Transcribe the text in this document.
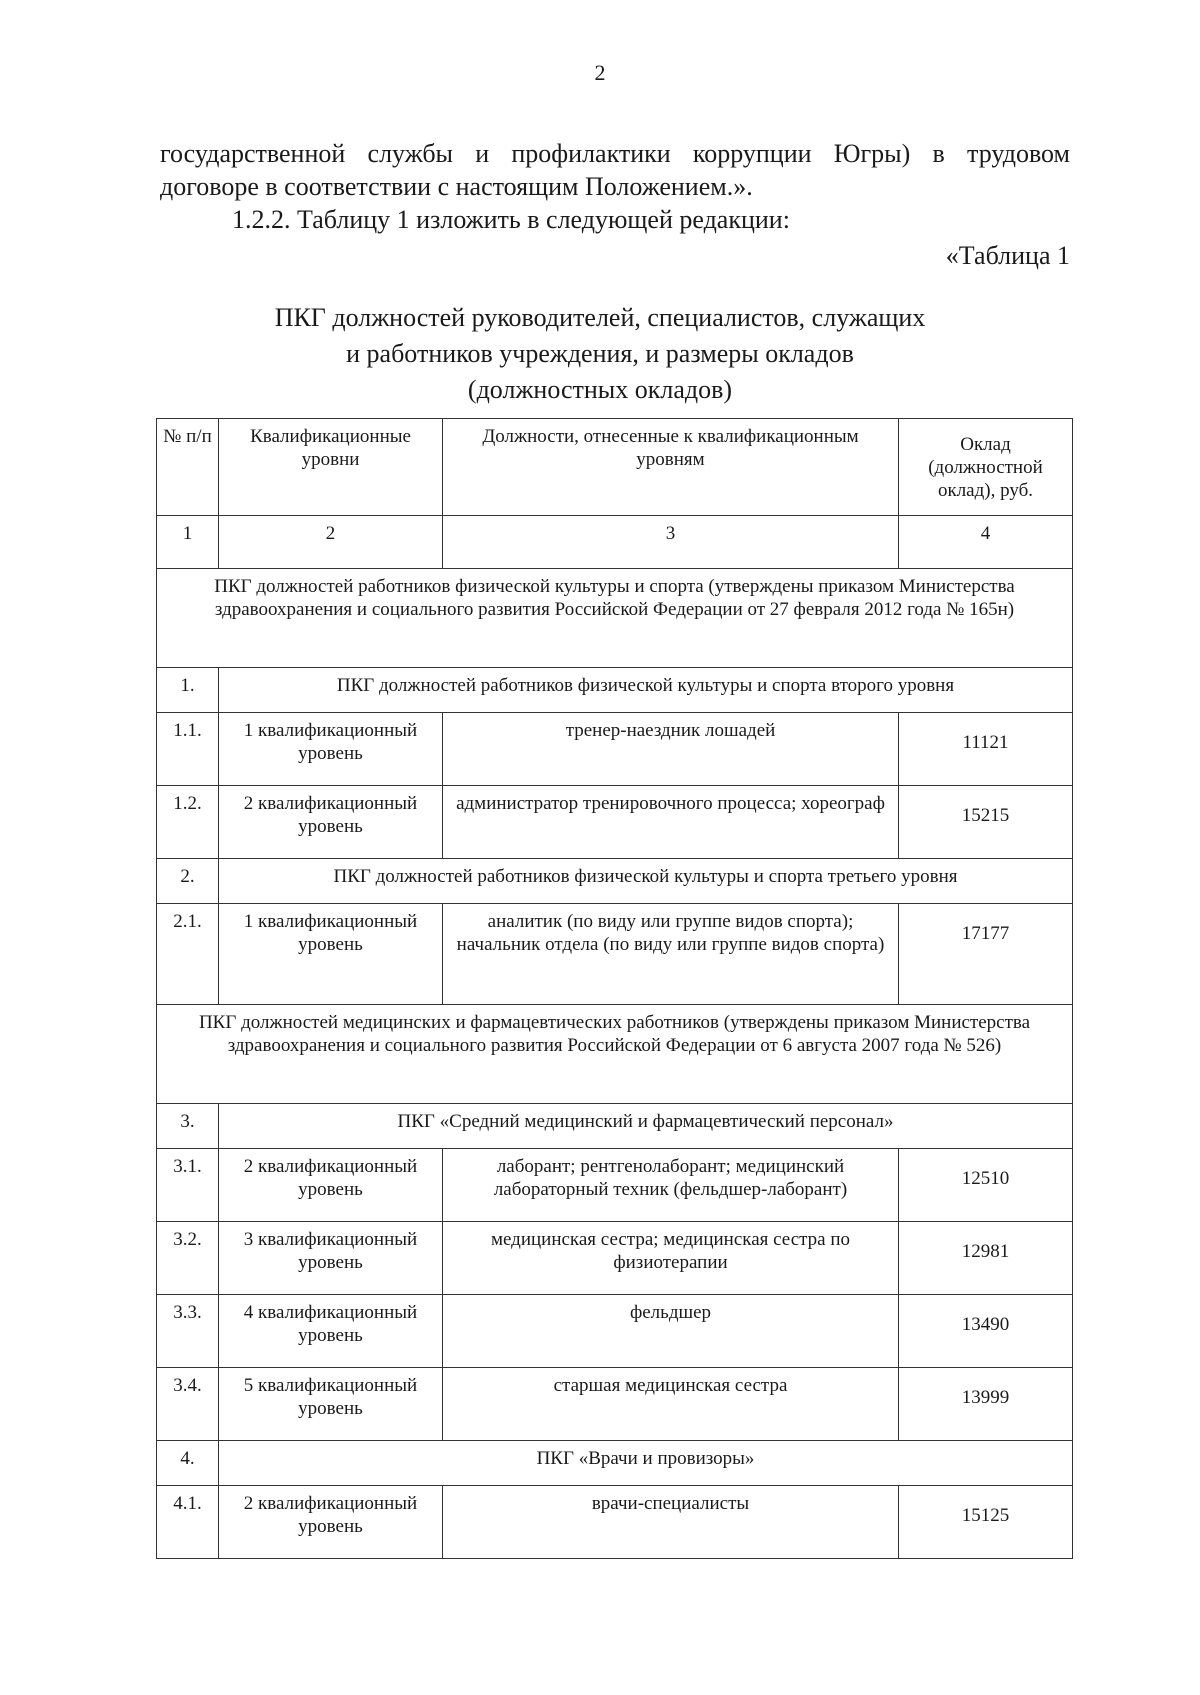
2
государственной службы и профилактики коррупции Югры) в трудовом
договоре в соответствии с настоящим Положением.».
1.2.2. Таблицу 1 изложить в следующей редакции:
«Таблица 1
ПКГ должностей руководителей, специалистов, служащих
и работников учреждения, и размеры окладов
(должностных окладов)
№ п/п	Квалификационные уровни	Должности, отнесенные к квалификационным уровням	Оклад (должностной оклад), руб.
1	2	3	4
ПКГ должностей работников физической культуры и спорта (утверждены приказом Министерства здравоохранения и социального развития Российской Федерации от 27 февраля 2012 года № 165н)			
1.	ПКГ должностей работников физической культуры и спорта второго уровня		
1.1.	1 квалификационный уровень	тренер-наездник лошадей	11121
1.2.	2 квалификационный уровень	администратор тренировочного процесса; хореограф	15215
2.	ПКГ должностей работников физической культуры и спорта третьего уровня		
2.1.	1 квалификационный уровень	аналитик (по виду или группе видов спорта); начальник отдела (по виду или группе видов спорта)	17177
ПКГ должностей медицинских и фармацевтических работников (утверждены приказом Министерства здравоохранения и социального развития Российской Федерации от 6 августа 2007 года № 526)			
3.	ПКГ «Средний медицинский и фармацевтический персонал»		
3.1.	2 квалификационный уровень	лаборант; рентгенолаборант; медицинский лабораторный техник (фельдшер-лаборант)	12510
3.2.	3 квалификационный уровень	медицинская сестра; медицинская сестра по физиотерапии	12981
3.3.	4 квалификационный уровень	фельдшер	13490
3.4.	5 квалификационный уровень	старшая медицинская сестра	13999
4.	ПКГ «Врачи и провизоры»		
4.1.	2 квалификационный уровень	врачи-специалисты	15125
